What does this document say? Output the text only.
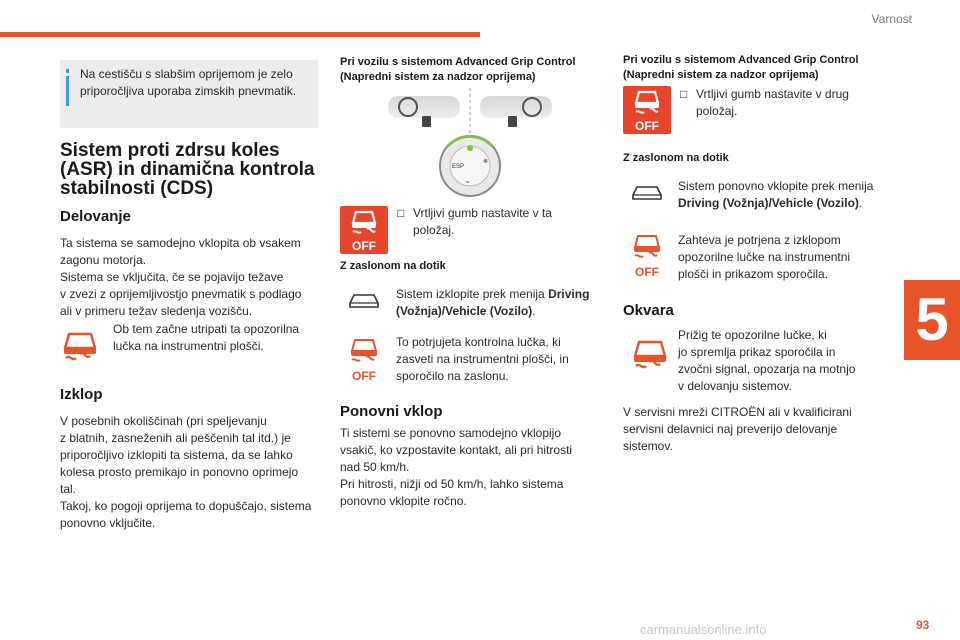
Varnost
5
93
carmanualsonline.info
Na cestišču s slabšim oprijemom je zelo priporočljiva uporaba zimskih pnevmatik.
Sistem proti zdrsu koles
(ASR) in dinamična kontrola
stabilnosti (CDS)
Delovanje
Ta sistema se samodejno vklopita ob vsakem
zagonu motorja.
Sistema se vključita, če se pojavijo težave
v zvezi z oprijemljivostjo pnevmatik s podlago
ali v primeru težav sledenja vozišču.
Ob tem začne utripati ta opozorilna
lučka na instrumentni plošči.
Izklop
V posebnih okoliščinah (pri speljevanju
z blatnih, zasneženih ali peščenih tal itd.) je
priporočljivo izklopiti ta sistema, da se lahko
kolesa prosto premikajo in ponovno oprimejo
tal.
Takoj, ko pogoji oprijema to dopuščajo, sistema
ponovno vključite.
Pri vozilu s sistemom Advanced Grip Control
(Napredni sistem za nadzor oprijema)
ESP
❄
≈
OFF
□ Vrtljivi gumb nastavite v ta
položaj.
Z zaslonom na dotik
Sistem izklopite prek menija Driving
(Vožnja)/Vehicle (Vozilo).
OFF
To potrjujeta kontrolna lučka, ki
zasveti na instrumentni plošči, in
sporočilo na zaslonu.
Ponovni vklop
Ti sistemi se ponovno samodejno vklopijo
vsakič, ko vzpostavite kontakt, ali pri hitrosti
nad 50 km/h.
Pri hitrosti, nižji od 50 km/h, lahko sistema
ponovno vklopite ročno.
Pri vozilu s sistemom Advanced Grip Control
(Napredni sistem za nadzor oprijema)
OFF
□ Vrtljivi gumb nastavite v drug
položaj.
Z zaslonom na dotik
Sistem ponovno vklopite prek menija
Driving (Vožnja)/Vehicle (Vozilo).
OFF
Zahteva je potrjena z izklopom
opozorilne lučke na instrumentni
plošči in prikazom sporočila.
Okvara
Prižig te opozorilne lučke, ki
jo spremlja prikaz sporočila in
zvočni signal, opozarja na motnjo
v delovanju sistemov.
V servisni mreži CITROËN ali v kvalificirani
servisni delavnici naj preverijo delovanje
sistemov.
